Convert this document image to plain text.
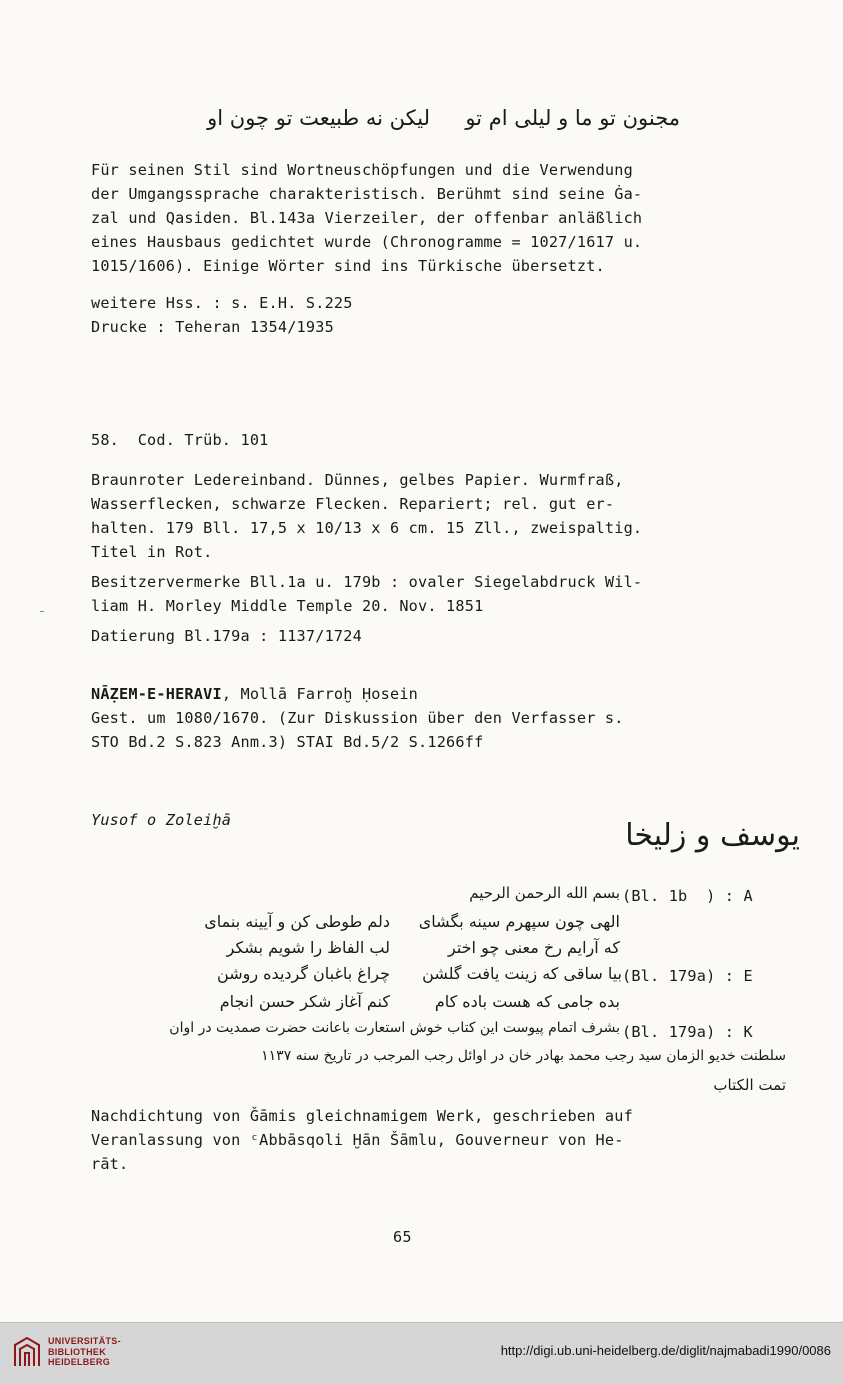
مجنون تو ما و لیلی ام تو
لیکن نه طبیعت تو چون او
Für seinen Stil sind Wortneuschöpfungen und die Verwendung
der Umgangssprache charakteristisch. Berühmt sind seine Ġa-
zal und Qasiden. Bl.143a Vierzeiler, der offenbar anläßlich
eines Hausbaus gedichtet wurde (Chronogramme = 1027/1617 u.
1015/1606). Einige Wörter sind ins Türkische übersetzt.
weitere Hss. : s. E.H. S.225
Drucke : Teheran 1354/1935
58.  Cod. Trüb. 101
Braunroter Ledereinband. Dünnes, gelbes Papier. Wurmfraß,
Wasserflecken, schwarze Flecken. Repariert; rel. gut er-
halten. 179 Bll. 17,5 x 10/13 x 6 cm. 15 Zll., zweispaltig.
Titel in Rot.
Besitzervermerke Bll.1a u. 179b : ovaler Siegelabdruck Wil-
liam H. Morley Middle Temple 20. Nov. 1851
Datierung Bl.179a : 1137/1724
NĀẒEM-E-HERAVI, Mollā Farroḫ Ḥosein
Gest. um 1080/1670. (Zur Diskussion über den Verfasser s.
STO Bd.2 S.823 Anm.3) STAI Bd.5/2 S.1266ff
Yusof o Zoleiḫā	یوسف و زلیخا
بسم الله الرحمن الرحیم (Bl. 1b  ) : A
الهی چون سپهرم سینه بگشای
دلم طوطی کن و آیینه بنمای
که آرایم رخ معنی چو اختر
لب الفاظ را شویم بشکر
بیا ساقی که زینت یافت گلشن (Bl. 179a) : E
چراغ باغبان گردیده روشن
بده جامی که هست باده کام
کنم آغاز شکر حسن انجام
بشرف اتمام پیوست این کتاب خوش استعارت باعانت حضرت صمدیت در اوان (Bl. 179a) : K
سلطنت خدیو الزمان سید رجب محمد بهادر خان در اوائل رجب المرجب در تاریخ سنه ۱۱۳۷
تمت الکتاب
Nachdichtung von Ǧāmis gleichnamigem Werk, geschrieben auf
Veranlassung von ᶜAbbāsqoli Ḫān Šāmlu, Gouverneur von He-
rāt.
65
UNIVERSITÄTS-
BIBLIOTHEK
HEIDELBERG
http://digi.ub.uni-heidelberg.de/diglit/najmabadi1990/0086
